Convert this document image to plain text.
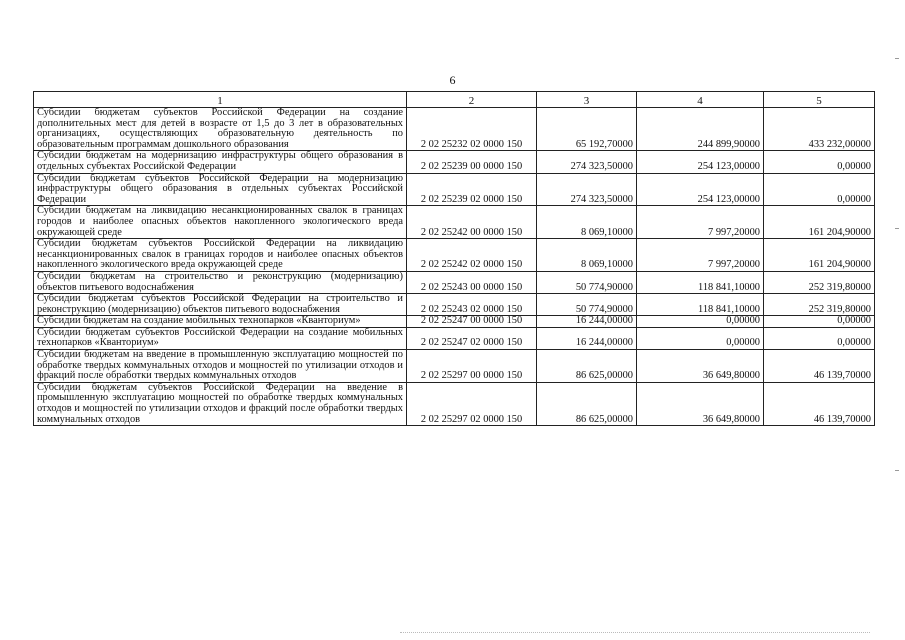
6
1	2	3	4	5
Субсидии бюджетам субъектов Российской Федерации на создание дополнительных мест для детей в возрасте от 1,5 до 3 лет в образовательных организациях, осуществляющих образовательную деятельность по образовательным программам дошкольного образования	2 02 25232 02 0000 150	65 192,70000	244 899,90000	433 232,00000
Субсидии бюджетам на модернизацию инфраструктуры общего образования в отдельных субъектах Российской Федерации	2 02 25239 00 0000 150	274 323,50000	254 123,00000	0,00000
Субсидии бюджетам субъектов Российской Федерации на модернизацию инфраструктуры общего образования в отдельных субъектах Российской Федерации	2 02 25239 02 0000 150	274 323,50000	254 123,00000	0,00000
Субсидии бюджетам на ликвидацию несанкционированных свалок в границах городов и наиболее опасных объектов накопленного экологического вреда окружающей среде	2 02 25242 00 0000 150	8 069,10000	7 997,20000	161 204,90000
Субсидии бюджетам субъектов Российской Федерации на ликвидацию несанкционированных свалок в границах городов и наиболее опасных объектов накопленного экологического вреда окружающей среде	2 02 25242 02 0000 150	8 069,10000	7 997,20000	161 204,90000
Субсидии бюджетам на строительство и реконструкцию (модернизацию) объектов питьевого водоснабжения	2 02 25243 00 0000 150	50 774,90000	118 841,10000	252 319,80000
Субсидии бюджетам субъектов Российской Федерации на строительство и реконструкцию (модернизацию) объектов питьевого водоснабжения	2 02 25243 02 0000 150	50 774,90000	118 841,10000	252 319,80000
Субсидии бюджетам на создание мобильных технопарков «Кванториум»	2 02 25247 00 0000 150	16 244,00000	0,00000	0,00000
Субсидии бюджетам субъектов Российской Федерации на создание мобильных технопарков «Кванториум»	2 02 25247 02 0000 150	16 244,00000	0,00000	0,00000
Субсидии бюджетам на введение в промышленную эксплуатацию мощностей по обработке твердых коммунальных отходов и мощностей по утилизации отходов и фракций после обработки твердых коммунальных отходов	2 02 25297 00 0000 150	86 625,00000	36 649,80000	46 139,70000
Субсидии бюджетам субъектов Российской Федерации на введение в промышленную эксплуатацию мощностей по обработке твердых коммунальных отходов и мощностей по утилизации отходов и фракций после обработки твердых коммунальных отходов	2 02 25297 02 0000 150	86 625,00000	36 649,80000	46 139,70000
